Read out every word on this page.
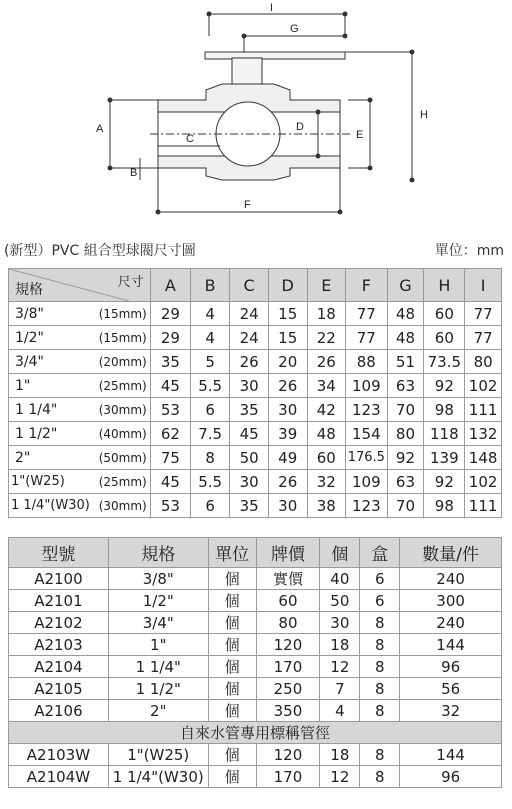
I
G
H
A
B
C
D
E
F
(新型）PVC 組合型球閥尺寸圖	單位：mm
尺寸
規格		A	B	C	D	E	F	G	H	I
3/8"	(15mm)	29	4	24	15	18	77	48	60	77
1/2"	(15mm)	29	4	24	15	22	77	48	60	77
3/4"	(20mm)	35	5	26	20	26	88	51	73.5	80
1"	(25mm)	45	5.5	30	26	34	109	63	92	102
1 1/4"	(30mm)	53	6	35	30	42	123	70	98	111
1 1/2"	(40mm)	62	7.5	45	39	48	154	80	118	132
2"	(50mm)	75	8	50	49	60	176.5	92	139	148
1"(W25)	(25mm)	45	5.5	30	26	32	109	63	92	102
1 1/4"(W30)	(30mm)	53	6	35	30	38	123	70	98	111
型號	規格	單位	牌價	個	盒	數量/件
A2100	3/8"	個	實價	40	6	240
A2101	1/2"	個	60	50	6	300
A2102	3/4"	個	80	30	8	240
A2103	1"	個	120	18	8	144
A2104	1 1/4"	個	170	12	8	96
A2105	1 1/2"	個	250	7	8	56
A2106	2"	個	350	4	8	32
自來水管專用標稱管徑						
A2103W	1"(W25)	個	120	18	8	144
A2104W	1 1/4"(W30)	個	170	12	8	96
